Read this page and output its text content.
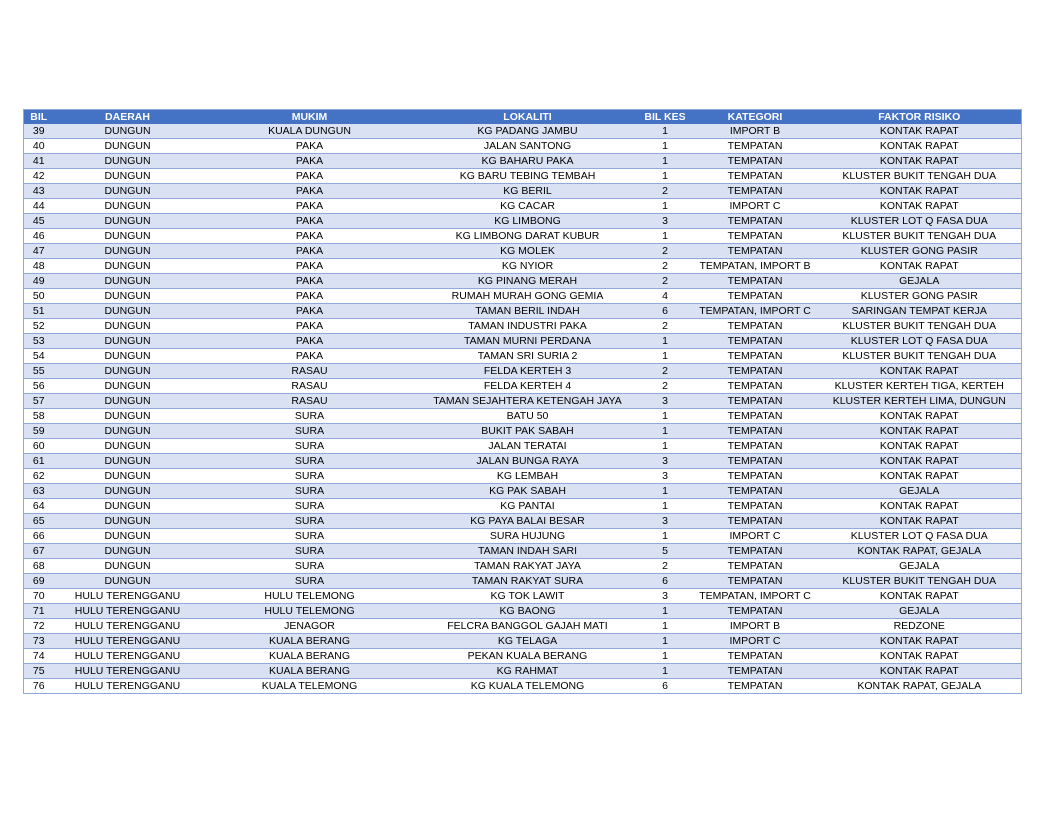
BIL	DAERAH	MUKIM	LOKALITI	BIL KES	KATEGORI	FAKTOR RISIKO
39	DUNGUN	KUALA DUNGUN	KG PADANG JAMBU	1	IMPORT B	KONTAK RAPAT
40	DUNGUN	PAKA	JALAN SANTONG	1	TEMPATAN	KONTAK RAPAT
41	DUNGUN	PAKA	KG BAHARU PAKA	1	TEMPATAN	KONTAK RAPAT
42	DUNGUN	PAKA	KG BARU TEBING TEMBAH	1	TEMPATAN	KLUSTER BUKIT TENGAH DUA
43	DUNGUN	PAKA	KG BERIL	2	TEMPATAN	KONTAK RAPAT
44	DUNGUN	PAKA	KG CACAR	1	IMPORT C	KONTAK RAPAT
45	DUNGUN	PAKA	KG LIMBONG	3	TEMPATAN	KLUSTER LOT Q FASA DUA
46	DUNGUN	PAKA	KG LIMBONG DARAT KUBUR	1	TEMPATAN	KLUSTER BUKIT TENGAH DUA
47	DUNGUN	PAKA	KG MOLEK	2	TEMPATAN	KLUSTER GONG PASIR
48	DUNGUN	PAKA	KG NYIOR	2	TEMPATAN, IMPORT B	KONTAK RAPAT
49	DUNGUN	PAKA	KG PINANG MERAH	2	TEMPATAN	GEJALA
50	DUNGUN	PAKA	RUMAH MURAH GONG GEMIA	4	TEMPATAN	KLUSTER GONG PASIR
51	DUNGUN	PAKA	TAMAN BERIL INDAH	6	TEMPATAN, IMPORT C	SARINGAN TEMPAT KERJA
52	DUNGUN	PAKA	TAMAN INDUSTRI PAKA	2	TEMPATAN	KLUSTER BUKIT TENGAH DUA
53	DUNGUN	PAKA	TAMAN MURNI PERDANA	1	TEMPATAN	KLUSTER LOT Q FASA DUA
54	DUNGUN	PAKA	TAMAN SRI SURIA 2	1	TEMPATAN	KLUSTER BUKIT TENGAH DUA
55	DUNGUN	RASAU	FELDA KERTEH 3	2	TEMPATAN	KONTAK RAPAT
56	DUNGUN	RASAU	FELDA KERTEH 4	2	TEMPATAN	KLUSTER KERTEH TIGA, KERTEH
57	DUNGUN	RASAU	TAMAN SEJAHTERA KETENGAH JAYA	3	TEMPATAN	KLUSTER KERTEH LIMA, DUNGUN
58	DUNGUN	SURA	BATU 50	1	TEMPATAN	KONTAK RAPAT
59	DUNGUN	SURA	BUKIT PAK SABAH	1	TEMPATAN	KONTAK RAPAT
60	DUNGUN	SURA	JALAN TERATAI	1	TEMPATAN	KONTAK RAPAT
61	DUNGUN	SURA	JALAN BUNGA RAYA	3	TEMPATAN	KONTAK RAPAT
62	DUNGUN	SURA	KG LEMBAH	3	TEMPATAN	KONTAK RAPAT
63	DUNGUN	SURA	KG PAK SABAH	1	TEMPATAN	GEJALA
64	DUNGUN	SURA	KG PANTAI	1	TEMPATAN	KONTAK RAPAT
65	DUNGUN	SURA	KG PAYA BALAI BESAR	3	TEMPATAN	KONTAK RAPAT
66	DUNGUN	SURA	SURA HUJUNG	1	IMPORT C	KLUSTER LOT Q FASA DUA
67	DUNGUN	SURA	TAMAN INDAH SARI	5	TEMPATAN	KONTAK RAPAT, GEJALA
68	DUNGUN	SURA	TAMAN RAKYAT JAYA	2	TEMPATAN	GEJALA
69	DUNGUN	SURA	TAMAN RAKYAT SURA	6	TEMPATAN	KLUSTER BUKIT TENGAH DUA
70	HULU TERENGGANU	HULU TELEMONG	KG TOK LAWIT	3	TEMPATAN, IMPORT C	KONTAK RAPAT
71	HULU TERENGGANU	HULU TELEMONG	KG BAONG	1	TEMPATAN	GEJALA
72	HULU TERENGGANU	JENAGOR	FELCRA BANGGOL GAJAH MATI	1	IMPORT B	REDZONE
73	HULU TERENGGANU	KUALA BERANG	KG TELAGA	1	IMPORT C	KONTAK RAPAT
74	HULU TERENGGANU	KUALA BERANG	PEKAN KUALA BERANG	1	TEMPATAN	KONTAK RAPAT
75	HULU TERENGGANU	KUALA BERANG	KG RAHMAT	1	TEMPATAN	KONTAK RAPAT
76	HULU TERENGGANU	KUALA TELEMONG	KG KUALA TELEMONG	6	TEMPATAN	KONTAK RAPAT, GEJALA
